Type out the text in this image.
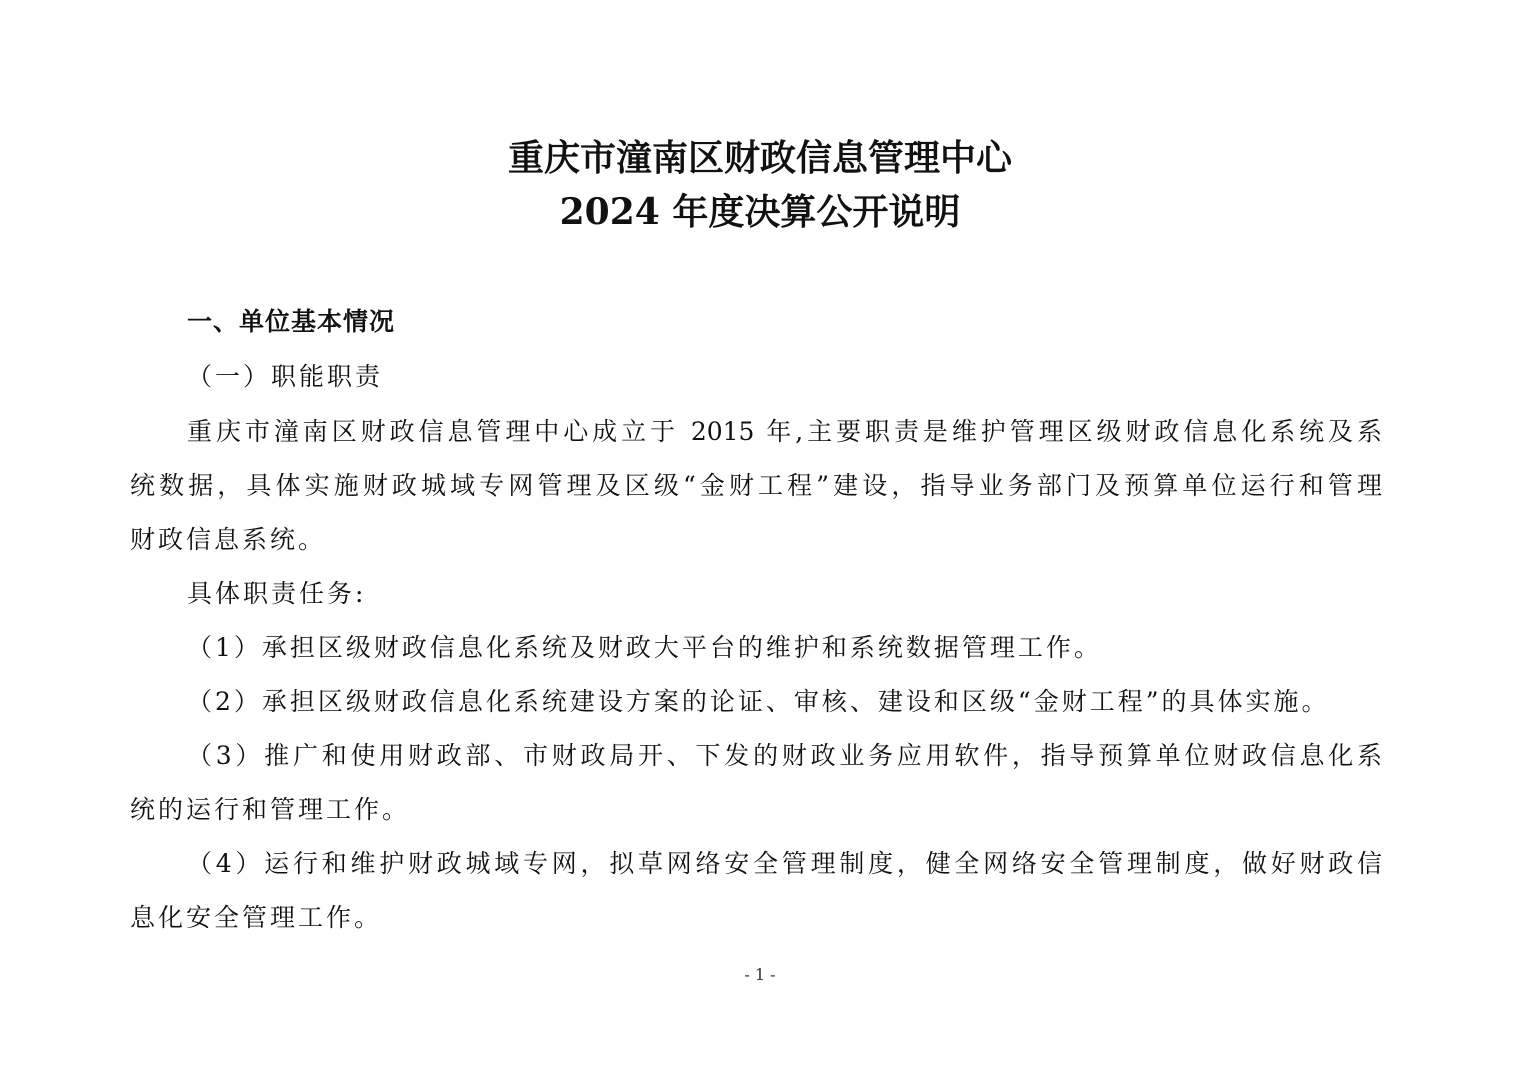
重庆市潼南区财政信息管理中心
2024 年度决算公开说明
一、单位基本情况
（一）职能职责
重庆市潼南区财政信息管理中心成立于 2015 年,主要职责是维护管理区级财政信息化系统及系
统数据，具体实施财政城域专网管理及区级“金财工程”建设，指导业务部门及预算单位运行和管理
财政信息系统。
具体职责任务:
（1）承担区级财政信息化系统及财政大平台的维护和系统数据管理工作。
（2）承担区级财政信息化系统建设方案的论证、审核、建设和区级“金财工程”的具体实施。
（3）推广和使用财政部、市财政局开、下发的财政业务应用软件，指导预算单位财政信息化系
统的运行和管理工作。
（4）运行和维护财政城域专网，拟草网络安全管理制度，健全网络安全管理制度，做好财政信
息化安全管理工作。
- 1 -
